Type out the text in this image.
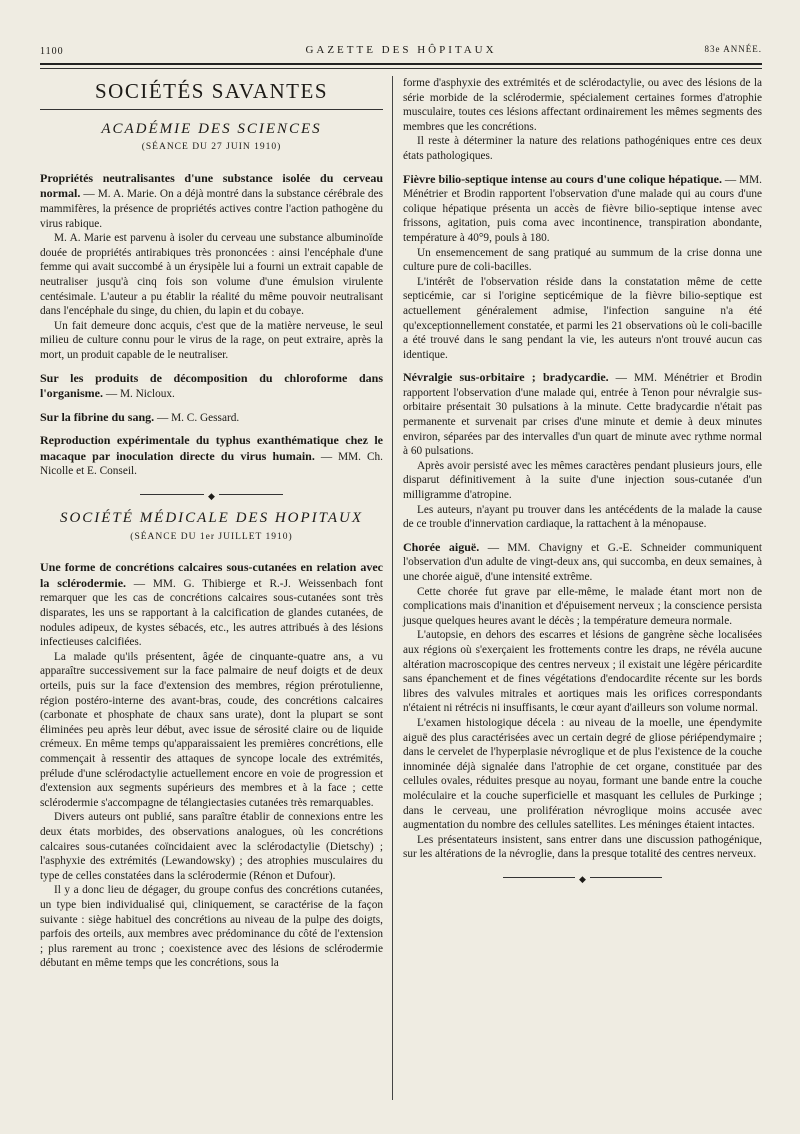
1100	GAZETTE DES HÔPITAUX	83e ANNÉE.
SOCIÉTÉS SAVANTES
ACADÉMIE DES SCIENCES
(SÉANCE DU 27 JUIN 1910)

Propriétés neutralisantes d'une substance isolée du cerveau normal. — M. A. Marie. On a déjà montré dans la substance cérébrale des mammifères, la présence de propriétés actives contre l'action pathogène du virus rabique.

M. A. Marie est parvenu à isoler du cerveau une substance albuminoïde douée de propriétés antirabiques très prononcées : ainsi l'encéphale d'une femme qui avait succombé à un érysipèle lui a fourni un extrait capable de neutraliser jusqu'à cinq fois son volume d'une émulsion virulente centésimale. L'auteur a pu établir la réalité du même pouvoir neutralisant dans l'encéphale du singe, du chien, du lapin et du cobaye.

Un fait demeure donc acquis, c'est que de la matière nerveuse, le seul milieu de culture connu pour le virus de la rage, on peut extraire, après la mort, un produit capable de le neutraliser.

Sur les produits de décomposition du chloroforme dans l'organisme. — M. Nicloux.

Sur la fibrine du sang. — M. C. Gessard.

Reproduction expérimentale du typhus exanthématique chez le macaque par inoculation directe du virus humain. — MM. Ch. Nicolle et E. Conseil.

◆
SOCIÉTÉ MÉDICALE DES HOPITAUX
(SÉANCE DU 1er JUILLET 1910)

Une forme de concrétions calcaires sous-cutanées en relation avec la sclérodermie. — MM. G. Thibierge et R.-J. Weissenbach font remarquer que les cas de concrétions calcaires sous-cutanées sont très disparates, les uns se rapportant à la calcification de glandes cutanées, de nodules adipeux, de kystes sébacés, etc., les autres attribués à des lésions infectieuses calcifiées.

La malade qu'ils présentent, âgée de cinquante-quatre ans, a vu apparaître successivement sur la face palmaire de neuf doigts et de deux orteils, puis sur la face d'extension des membres, région prérotulienne, région postéro-interne des avant-bras, coude, des concrétions calcaires (carbonate et phosphate de chaux sans urate), dont la plupart se sont éliminées peu après leur début, avec issue de sérosité claire ou de liquide crémeux. En même temps qu'apparaissaient les premières concrétions, elle commençait à ressentir des attaques de syncope locale des extrémités, prélude d'une sclérodactylie actuellement encore en voie de progression et d'extension aux segments supérieurs des membres et à la face ; cette sclérodermie s'accompagne de télangiectasies cutanées très remarquables.

Divers auteurs ont publié, sans paraître établir de connexions entre les deux états morbides, des observations analogues, où les concrétions calcaires sous-cutanées coïncidaient avec la sclérodactylie (Dietschy) ; l'asphyxie des extrémités (Lewandowsky) ; des atrophies musculaires du type de celles constatées dans la sclérodermie (Rénon et Dufour).

Il y a donc lieu de dégager, du groupe confus des concrétions cutanées, un type bien individualisé qui, cliniquement, se caractérise de la façon suivante : siège habituel des concrétions au niveau de la pulpe des doigts, parfois des orteils, aux membres avec prédominance du côté de l'extension ; plus rarement au tronc ; coexistence avec des lésions de sclérodermie débutant en même temps que les concrétions, sous la

forme d'asphyxie des extrémités et de sclérodactylie, ou avec des lésions de la série morbide de la sclérodermie, spécialement certaines formes d'atrophie musculaire, toutes ces lésions affectant ordinairement les mêmes segments des membres que les concrétions.

Il reste à déterminer la nature des relations pathogéniques entre ces deux états pathologiques.

Fièvre bilio-septique intense au cours d'une colique hépatique. — MM. Ménétrier et Brodin rapportent l'observation d'une malade qui au cours d'une colique hépatique présenta un accès de fièvre bilio-septique intense avec frissons, agitation, puis coma avec incontinence, transpiration abondante, température à 40°9, pouls à 180.

Un ensemencement de sang pratiqué au summum de la crise donna une culture pure de coli-bacilles.

L'intérêt de l'observation réside dans la constatation même de cette septicémie, car si l'origine septicémique de la fièvre bilio-septique est actuellement généralement admise, l'infection sanguine n'a été qu'exceptionnellement constatée, et parmi les 21 observations où le coli-bacille a été trouvé dans le sang pendant la vie, les auteurs n'ont trouvé aucun cas identique.

Névralgie sus-orbitaire ; bradycardie. — MM. Ménétrier et Brodin rapportent l'observation d'une malade qui, entrée à Tenon pour névralgie sus-orbitaire présentait 30 pulsations à la minute. Cette bradycardie n'était pas permanente et survenait par crises d'une minute et demie à deux minutes environ, séparées par des intervalles d'un quart de minute avec rythme normal à 60 pulsations.

Après avoir persisté avec les mêmes caractères pendant plusieurs jours, elle disparut définitivement à la suite d'une injection sous-cutanée d'un milligramme d'atropine.

Les auteurs, n'ayant pu trouver dans les antécédents de la malade la cause de ce trouble d'innervation cardiaque, la rattachent à la ménopause.

Chorée aiguë. — MM. Chavigny et G.-E. Schneider communiquent l'observation d'un adulte de vingt-deux ans, qui succomba, en deux semaines, à une chorée aiguë, d'une intensité extrême.

Cette chorée fut grave par elle-même, le malade étant mort non de complications mais d'inanition et d'épuisement nerveux ; la conscience persista jusque quelques heures avant le décès ; la température demeura normale.

L'autopsie, en dehors des escarres et lésions de gangrène sèche localisées aux régions où s'exerçaient les frottements contre les draps, ne révéla aucune altération macroscopique des centres nerveux ; il existait une légère péricardite sans épanchement et de fines végétations d'endocardite récente sur les bords libres des valvules mitrales et aortiques mais les orifices correspondants n'étaient ni rétrécis ni insuffisants, le cœur ayant d'ailleurs son volume normal.

L'examen histologique décela : au niveau de la moelle, une épendymite aiguë des plus caractérisées avec un certain degré de gliose périépendymaire ; dans le cervelet de l'hyperplasie névroglique et de plus l'existence de la couche innominée déjà signalée dans l'atrophie de cet organe, constituée par des cellules ovales, réduites presque au noyau, formant une bande entre la couche moléculaire et la couche superficielle et masquant les cellules de Purkinge ; dans le cerveau, une prolifération névroglique moins accusée avec augmentation du nombre des cellules satellites. Les méninges étaient intactes.

Les présentateurs insistent, sans entrer dans une discussion pathogénique, sur les altérations de la névroglie, dans la presque totalité des centres nerveux.

◆
